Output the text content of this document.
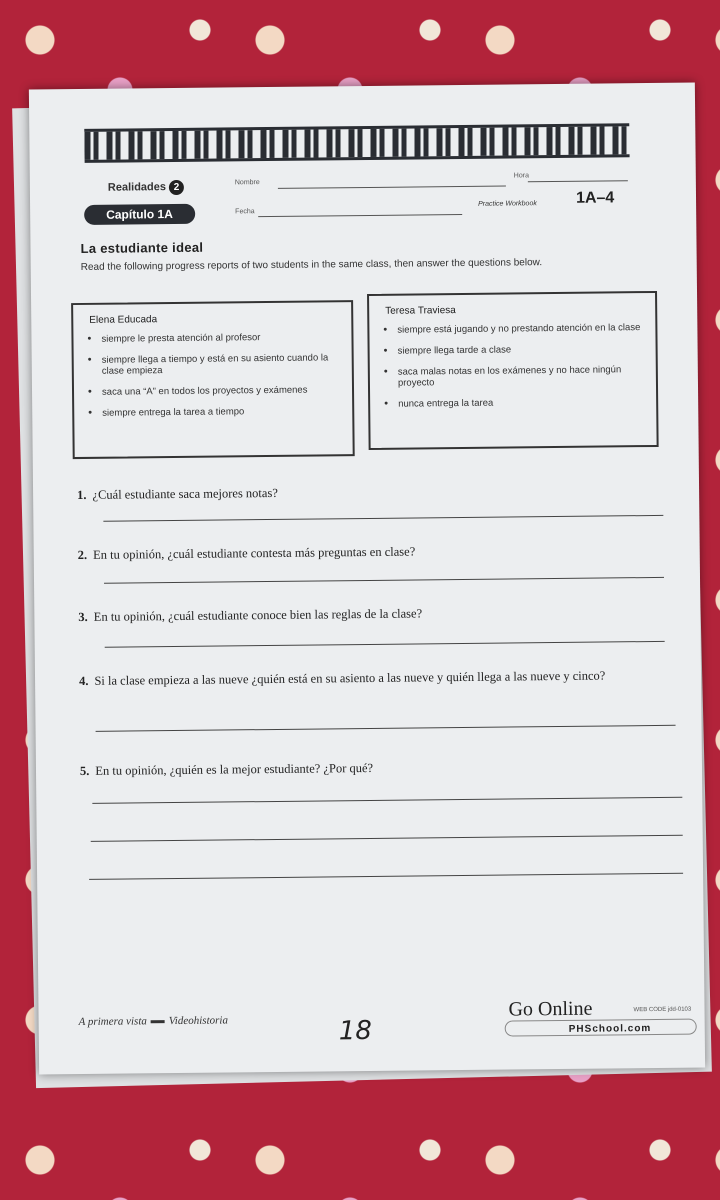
Realidades 2	Nombre
Hora
Capítulo 1A	Fecha
Practice Workbook 1A–4
La estudiante ideal
Read the following progress reports of two students in the same class, then answer the questions below.
Elena Educada
• siempre le presta atención al profesor
• siempre llega a tiempo y está en su asiento cuando la clase empieza
• saca una “A” en todos los proyectos y exámenes
• siempre entrega la tarea a tiempo
Teresa Traviesa
• siempre está jugando y no prestando atención en la clase
• siempre llega tarde a clase
• saca malas notas en los exámenes y no hace ningún proyecto
• nunca entrega la tarea
1. ¿Cuál estudiante saca mejores notas?
2. En tu opinión, ¿cuál estudiante contesta más preguntas en clase?
3. En tu opinión, ¿cuál estudiante conoce bien las reglas de la clase?
4. Si la clase empieza a las nueve ¿quién está en su asiento a las nueve y quién llega a las nueve y cinco?
5. En tu opinión, ¿quién es la mejor estudiante? ¿Por qué?
A primera vista Videohistoria	18
Go Online	WEB CODE jdd-0103
PHSchool.com
